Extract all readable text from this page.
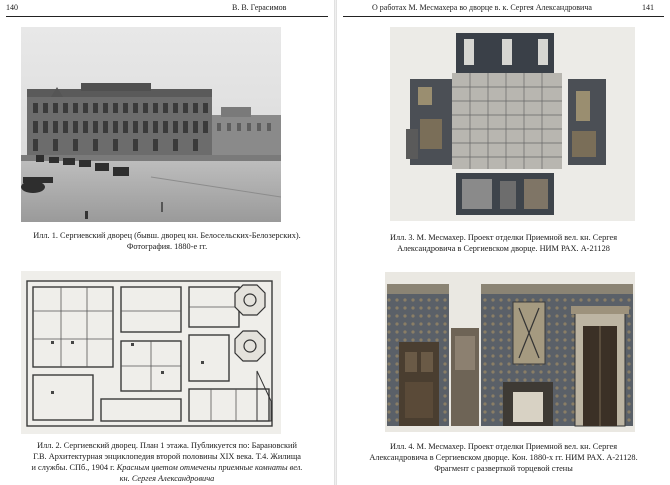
140	В. В. Герасимов
Илл. 1. Сергиевский дворец (бывш. дворец кн. Белосельских-Белозерских).
Фотография. 1880-е гг.
Илл. 2. Сергиевский дворец. План 1 этажа. Публикуется по: Барановский
Г.В. Архитектурная энциклопедия второй половины XIX века. Т.4. Жилища
и службы. СПб., 1904 г. Красным цветом отмечены приемные комнаты вел.
кн. Сергея Александровича
О работах М. Месмахера во дворце в. к. Сергея Александровича	141
Илл. 3. М. Месмахер. Проект отделки Приемной вел. кн. Сергея
Александровича в Сергиевском дворце. НИМ РАХ. А-21128
Илл. 4. М. Месмахер. Проект отделки Приемной вел. кн. Сергея
Александровича в Сергиевском дворце. Кон. 1880-х гг. НИМ РАХ. А-21128.
Фрагмент с разверткой торцевой стены
